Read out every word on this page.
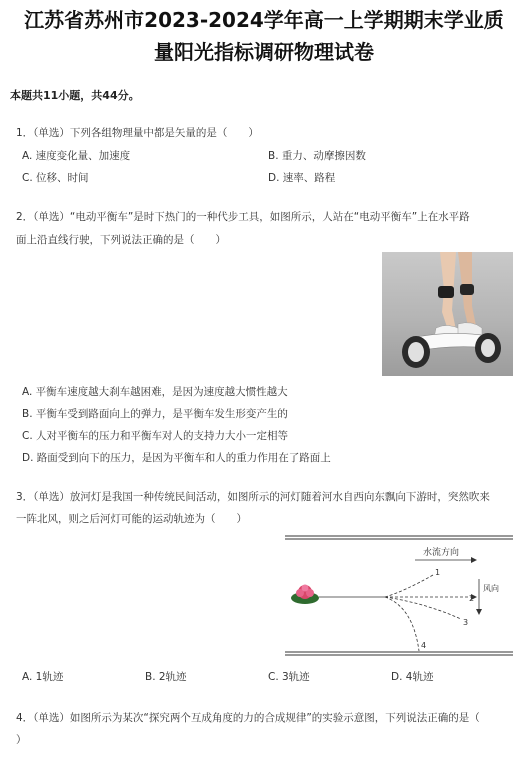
江苏省苏州市2023-2024学年高一上学期期末学业质
量阳光指标调研物理试卷
本题共11小题，共44分。
1．（单选）下列各组物理量中都是矢量的是（　　）
A. 速度变化量、加速度	B. 重力、动摩擦因数
C. 位移、时间	D. 速率、路程
2．（单选）“电动平衡车”是时下热门的一种代步工具，如图所示，人站在“电动平衡车”上在水平路
面上沿直线行驶，下列说法正确的是（　　）
A. 平衡车速度越大刹车越困难，是因为速度越大惯性越大
B. 平衡车受到路面向上的弹力，是平衡车发生形变产生的
C. 人对平衡车的压力和平衡车对人的支持力大小一定相等
D. 路面受到向下的压力，是因为平衡车和人的重力作用在了路面上
3．（单选）放河灯是我国一种传统民间活动，如图所示的河灯随着河水自西向东飘向下游时，突然吹来
一阵北风，则之后河灯可能的运动轨迹为（　　）
水流方向
1
2
3
4
风向
A. 1轨迹	B. 2轨迹	C. 3轨迹	D. 4轨迹
4．（单选）如图所示为某次“探究两个互成角度的力的合成规律”的实验示意图，下列说法正确的是（
）
